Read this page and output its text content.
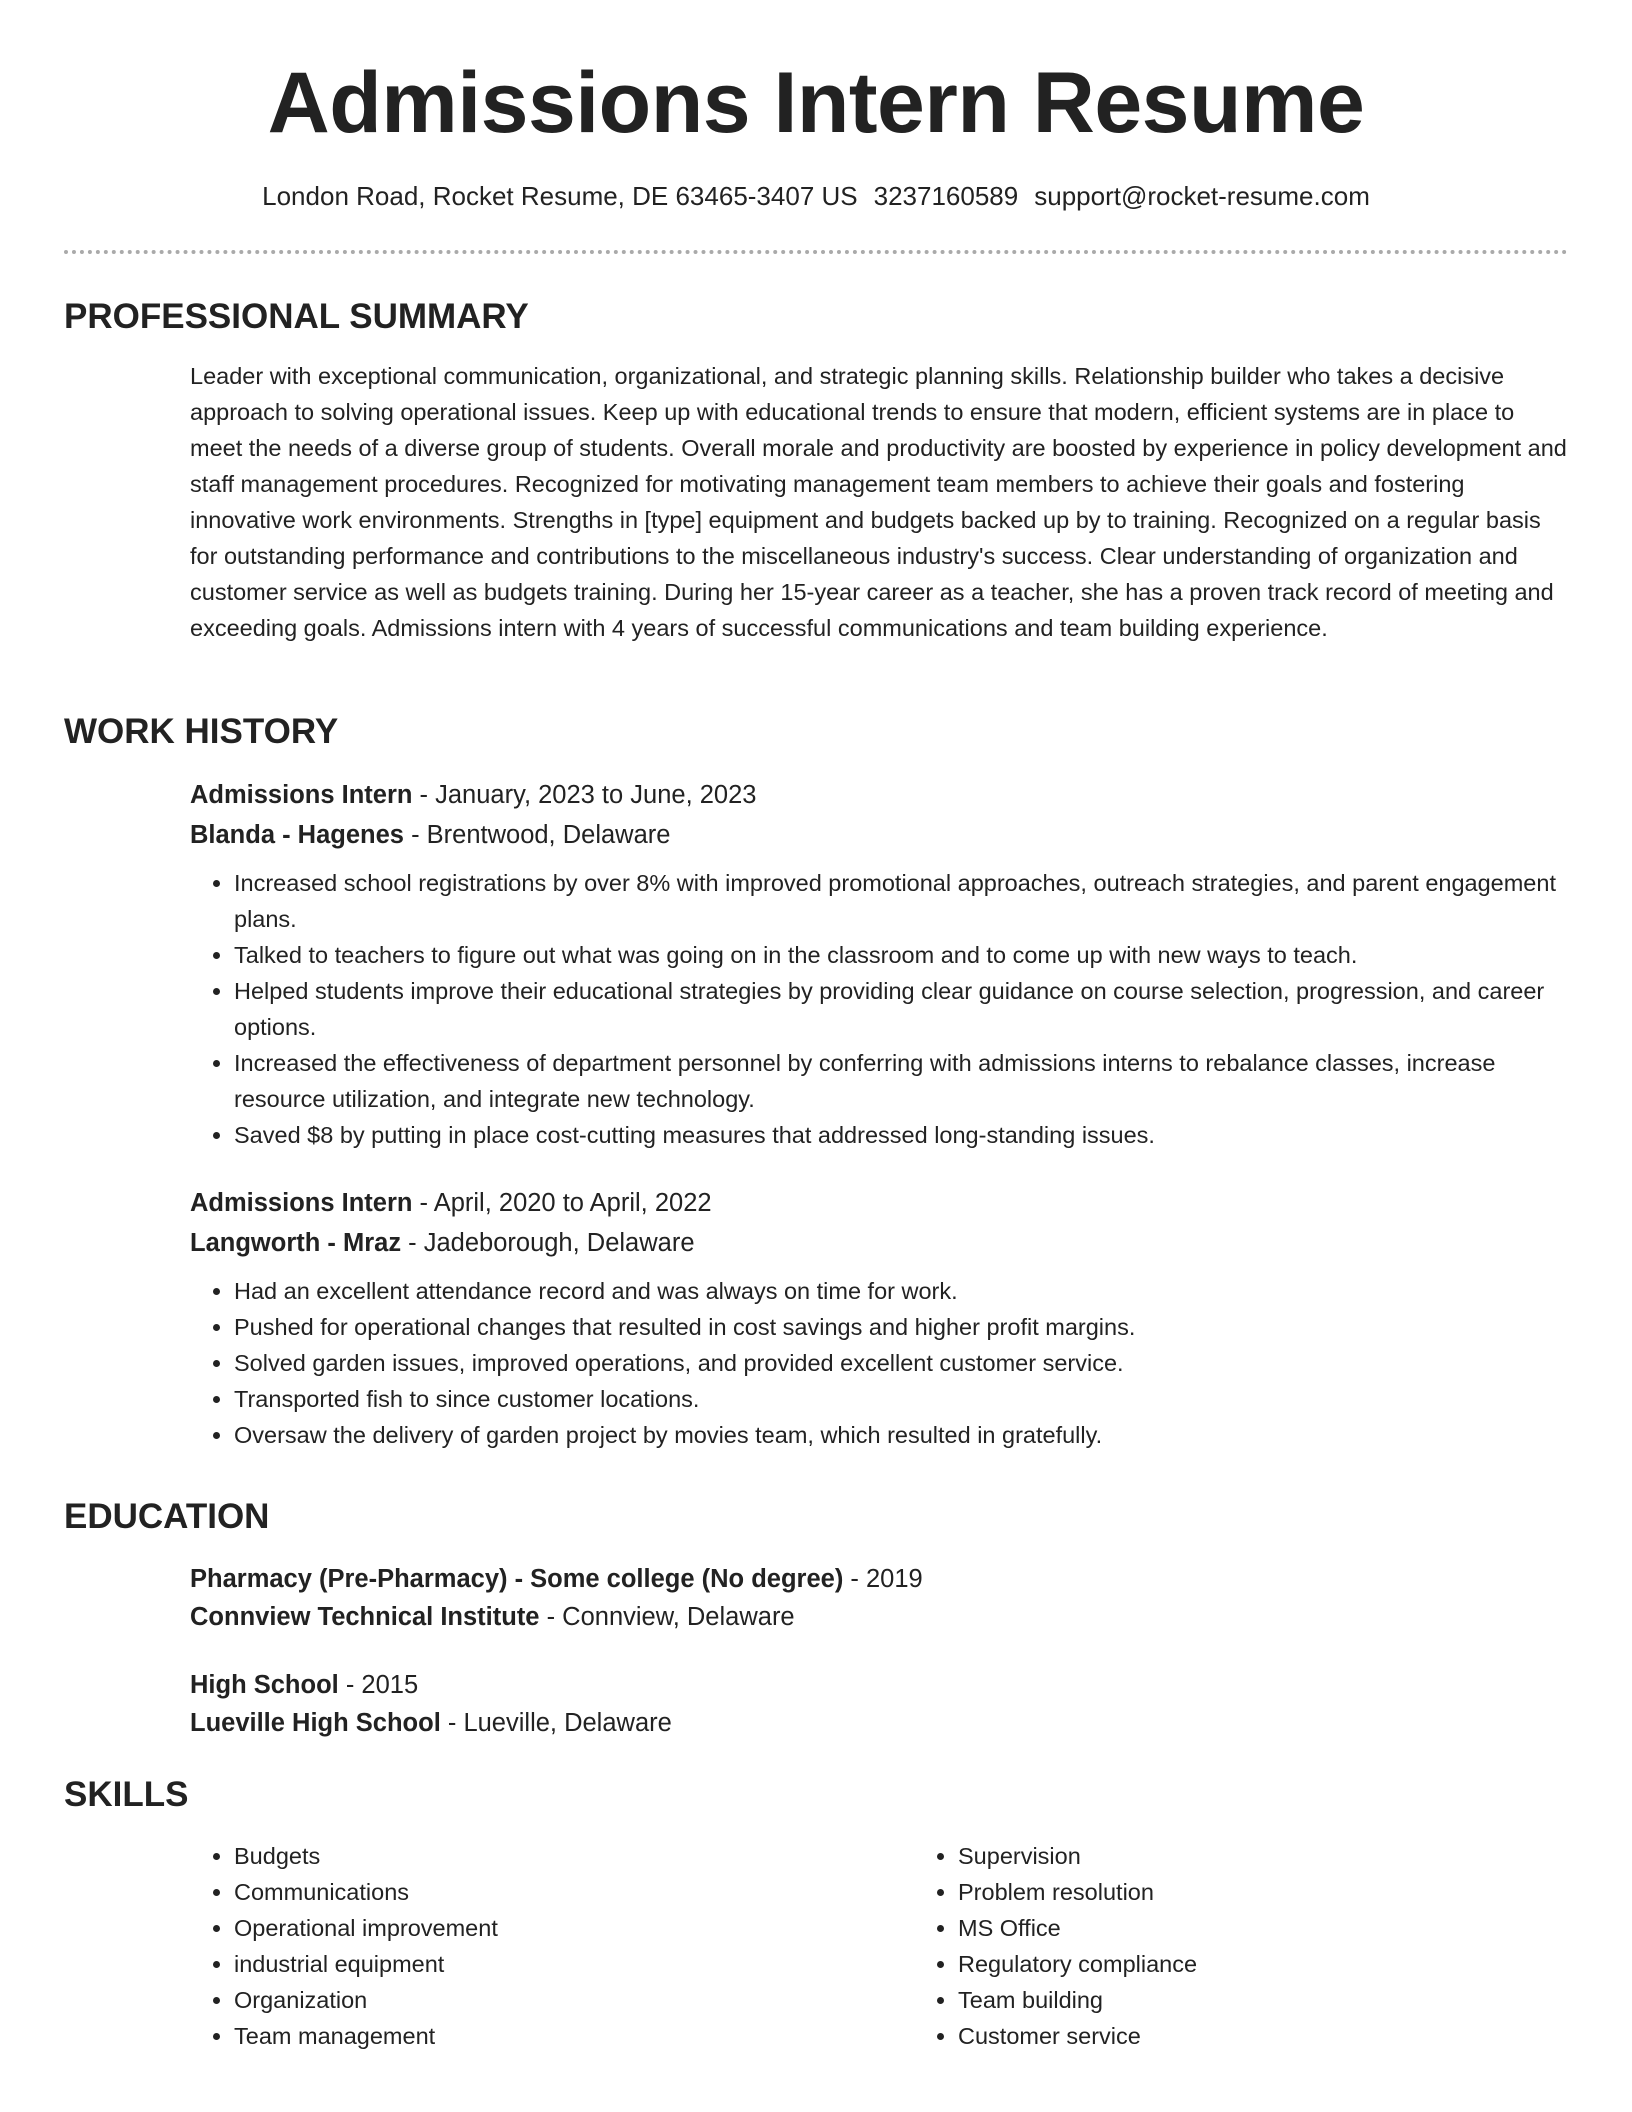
Admissions Intern Resume
London Road, Rocket Resume, DE 63465-3407 US 3237160589 support@rocket-resume.com
PROFESSIONAL SUMMARY

Leader with exceptional communication, organizational, and strategic planning skills. Relationship builder who takes a decisive approach to solving operational issues. Keep up with educational trends to ensure that modern, efficient systems are in place to meet the needs of a diverse group of students. Overall morale and productivity are boosted by experience in policy development and staff management procedures. Recognized for motivating management team members to achieve their goals and fostering innovative work environments. Strengths in [type] equipment and budgets backed up by to training. Recognized on a regular basis for outstanding performance and contributions to the miscellaneous industry's success. Clear understanding of organization and customer service as well as budgets training. During her 15-year career as a teacher, she has a proven track record of meeting and exceeding goals. Admissions intern with 4 years of successful communications and team building experience.

WORK HISTORY
Admissions Intern - January, 2023 to June, 2023
Blanda - Hagenes - Brentwood, Delaware
• Increased school registrations by over 8% with improved promotional approaches, outreach strategies, and parent engagement plans.
• Talked to teachers to figure out what was going on in the classroom and to come up with new ways to teach.
• Helped students improve their educational strategies by providing clear guidance on course selection, progression, and career options.
• Increased the effectiveness of department personnel by conferring with admissions interns to rebalance classes, increase resource utilization, and integrate new technology.
• Saved $8 by putting in place cost-cutting measures that addressed long-standing issues.
Admissions Intern - April, 2020 to April, 2022
Langworth - Mraz - Jadeborough, Delaware
• Had an excellent attendance record and was always on time for work.
• Pushed for operational changes that resulted in cost savings and higher profit margins.
• Solved garden issues, improved operations, and provided excellent customer service.
• Transported fish to since customer locations.
• Oversaw the delivery of garden project by movies team, which resulted in gratefully.
EDUCATION
Pharmacy (Pre-Pharmacy) - Some college (No degree) - 2019
Connview Technical Institute - Connview, Delaware
High School - 2015
Lueville High School - Lueville, Delaware
SKILLS
• Budgets
• Communications
• Operational improvement
• industrial equipment
• Organization
• Team management
• Supervision
• Problem resolution
• MS Office
• Regulatory compliance
• Team building
• Customer service
